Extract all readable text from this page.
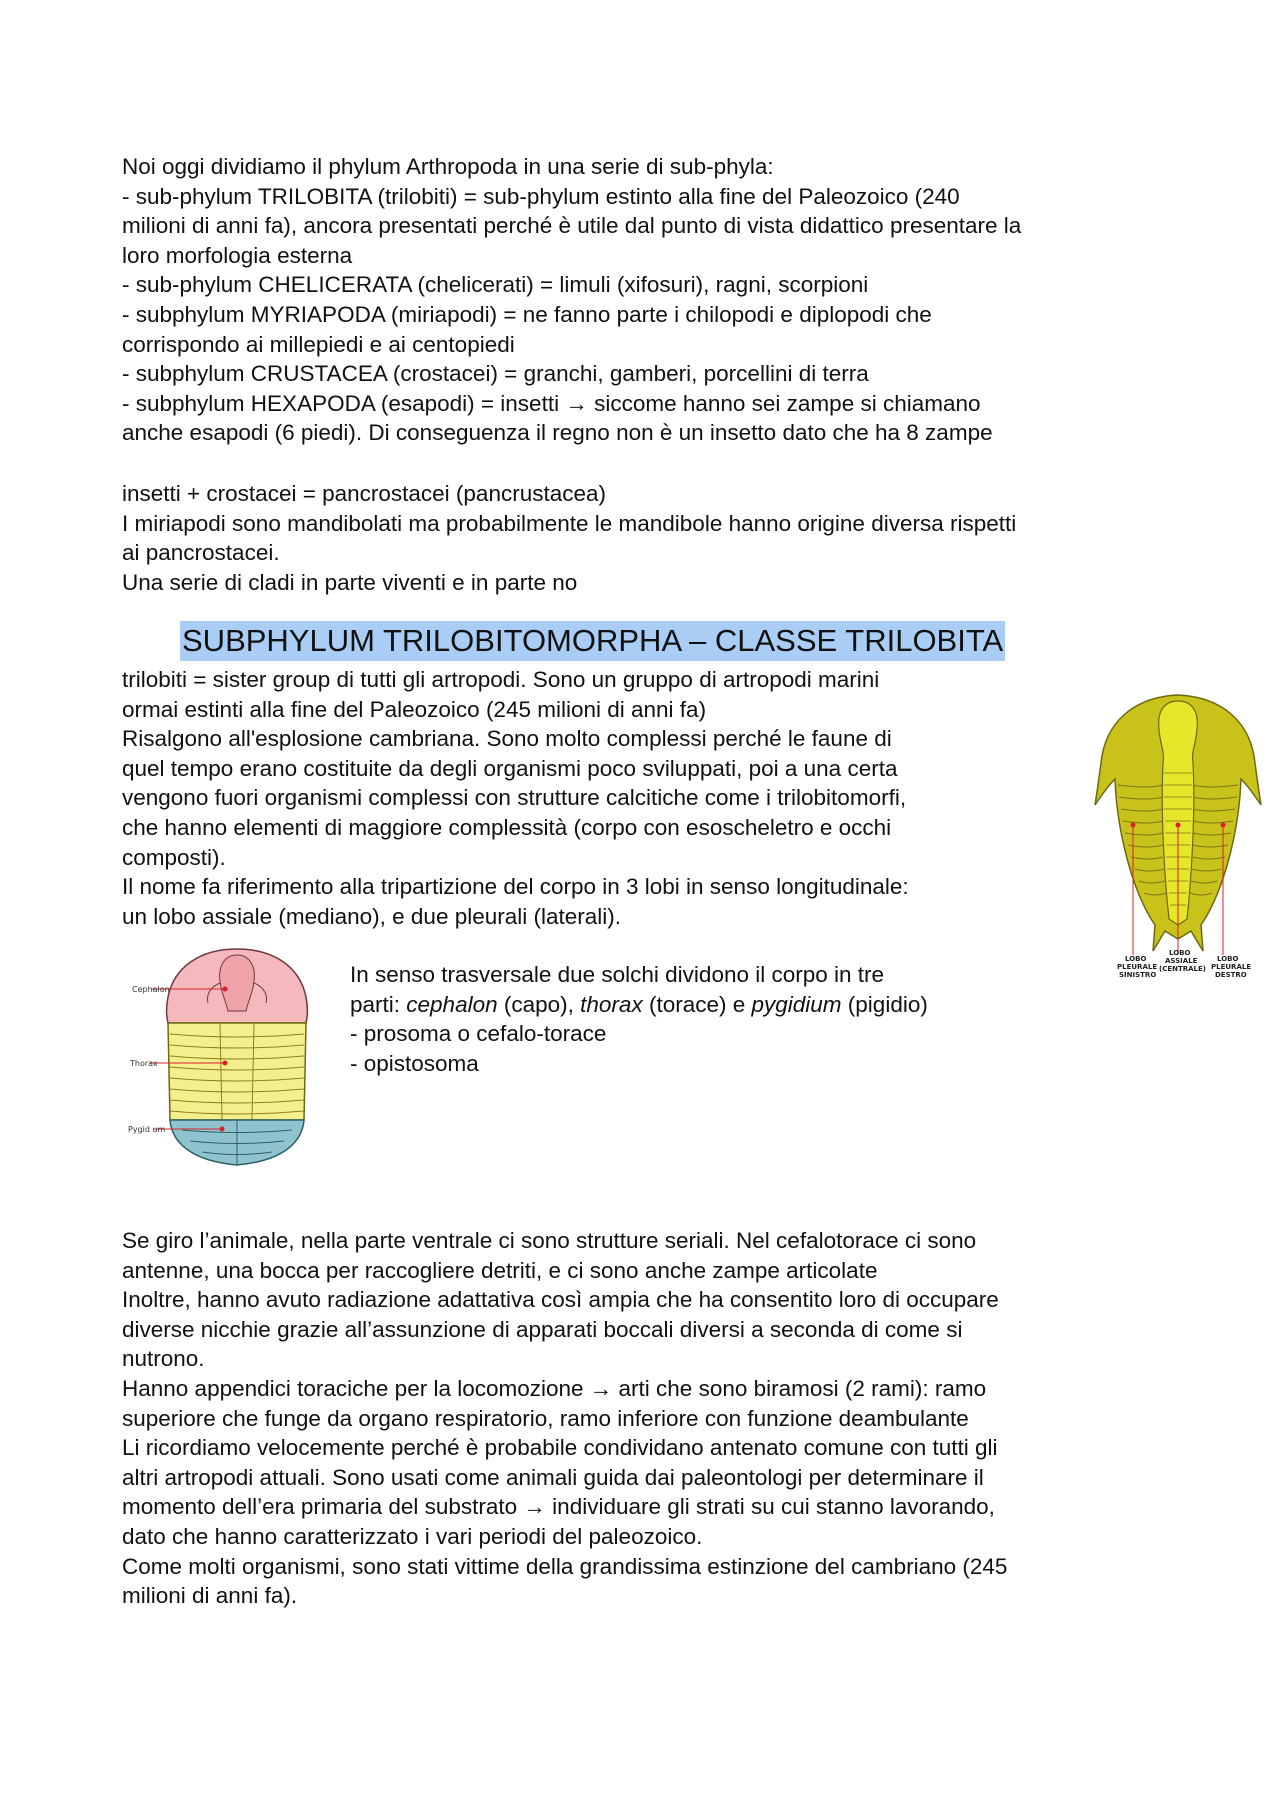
Noi oggi dividiamo il phylum Arthropoda in una serie di sub-phyla:
- sub-phylum TRILOBITA (trilobiti) = sub-phylum estinto alla fine del Paleozoico (240
milioni di anni fa), ancora presentati perché è utile dal punto di vista didattico presentare la
loro morfologia esterna
- sub-phylum CHELICERATA (chelicerati) = limuli (xifosuri), ragni, scorpioni
- subphylum MYRIAPODA (miriapodi) = ne fanno parte i chilopodi e diplopodi che
corrispondo ai millepiedi e ai centopiedi
- subphylum CRUSTACEA (crostacei) = granchi, gamberi, porcellini di terra
- subphylum HEXAPODA (esapodi) = insetti → siccome hanno sei zampe si chiamano
anche esapodi (6 piedi). Di conseguenza il regno non è un insetto dato che ha 8 zampe
insetti + crostacei = pancrostacei (pancrustacea)
I miriapodi sono mandibolati ma probabilmente le mandibole hanno origine diversa rispetti
ai pancrostacei.
Una serie di cladi in parte viventi e in parte no
SUBPHYLUM TRILOBITOMORPHA – CLASSE TRILOBITA
trilobiti = sister group di tutti gli artropodi. Sono un gruppo di artropodi marini
ormai estinti alla fine del Paleozoico (245 milioni di anni fa)
Risalgono all'esplosione cambriana. Sono molto complessi perché le faune di
quel tempo erano costituite da degli organismi poco sviluppati, poi a una certa
vengono fuori organismi complessi con strutture calcitiche come i trilobitomorfi,
che hanno elementi di maggiore complessità (corpo con esoscheletro e occhi
composti).
Il nome fa riferimento alla tripartizione del corpo in 3 lobi in senso longitudinale:
un lobo assiale (mediano), e due pleurali (laterali).
LOBO
PLEURALE
SINISTRO
LOBO
ASSIALE
(CENTRALE)
LOBO
PLEURALE
DESTRO
Cephalon
Thorax
Pygid um
In senso trasversale due solchi dividono il corpo in tre
parti: cephalon (capo), thorax (torace) e pygidium (pigidio)
- prosoma o cefalo-torace
- opistosoma
Se giro l’animale, nella parte ventrale ci sono strutture seriali. Nel cefalotorace ci sono
antenne, una bocca per raccogliere detriti, e ci sono anche zampe articolate
Inoltre, hanno avuto radiazione adattativa così ampia che ha consentito loro di occupare
diverse nicchie grazie all’assunzione di apparati boccali diversi a seconda di come si
nutrono.
Hanno appendici toraciche per la locomozione → arti che sono biramosi (2 rami): ramo
superiore che funge da organo respiratorio, ramo inferiore con funzione deambulante
Li ricordiamo velocemente perché è probabile condividano antenato comune con tutti gli
altri artropodi attuali. Sono usati come animali guida dai paleontologi per determinare il
momento dell’era primaria del substrato → individuare gli strati su cui stanno lavorando,
dato che hanno caratterizzato i vari periodi del paleozoico.
Come molti organismi, sono stati vittime della grandissima estinzione del cambriano (245
milioni di anni fa).
